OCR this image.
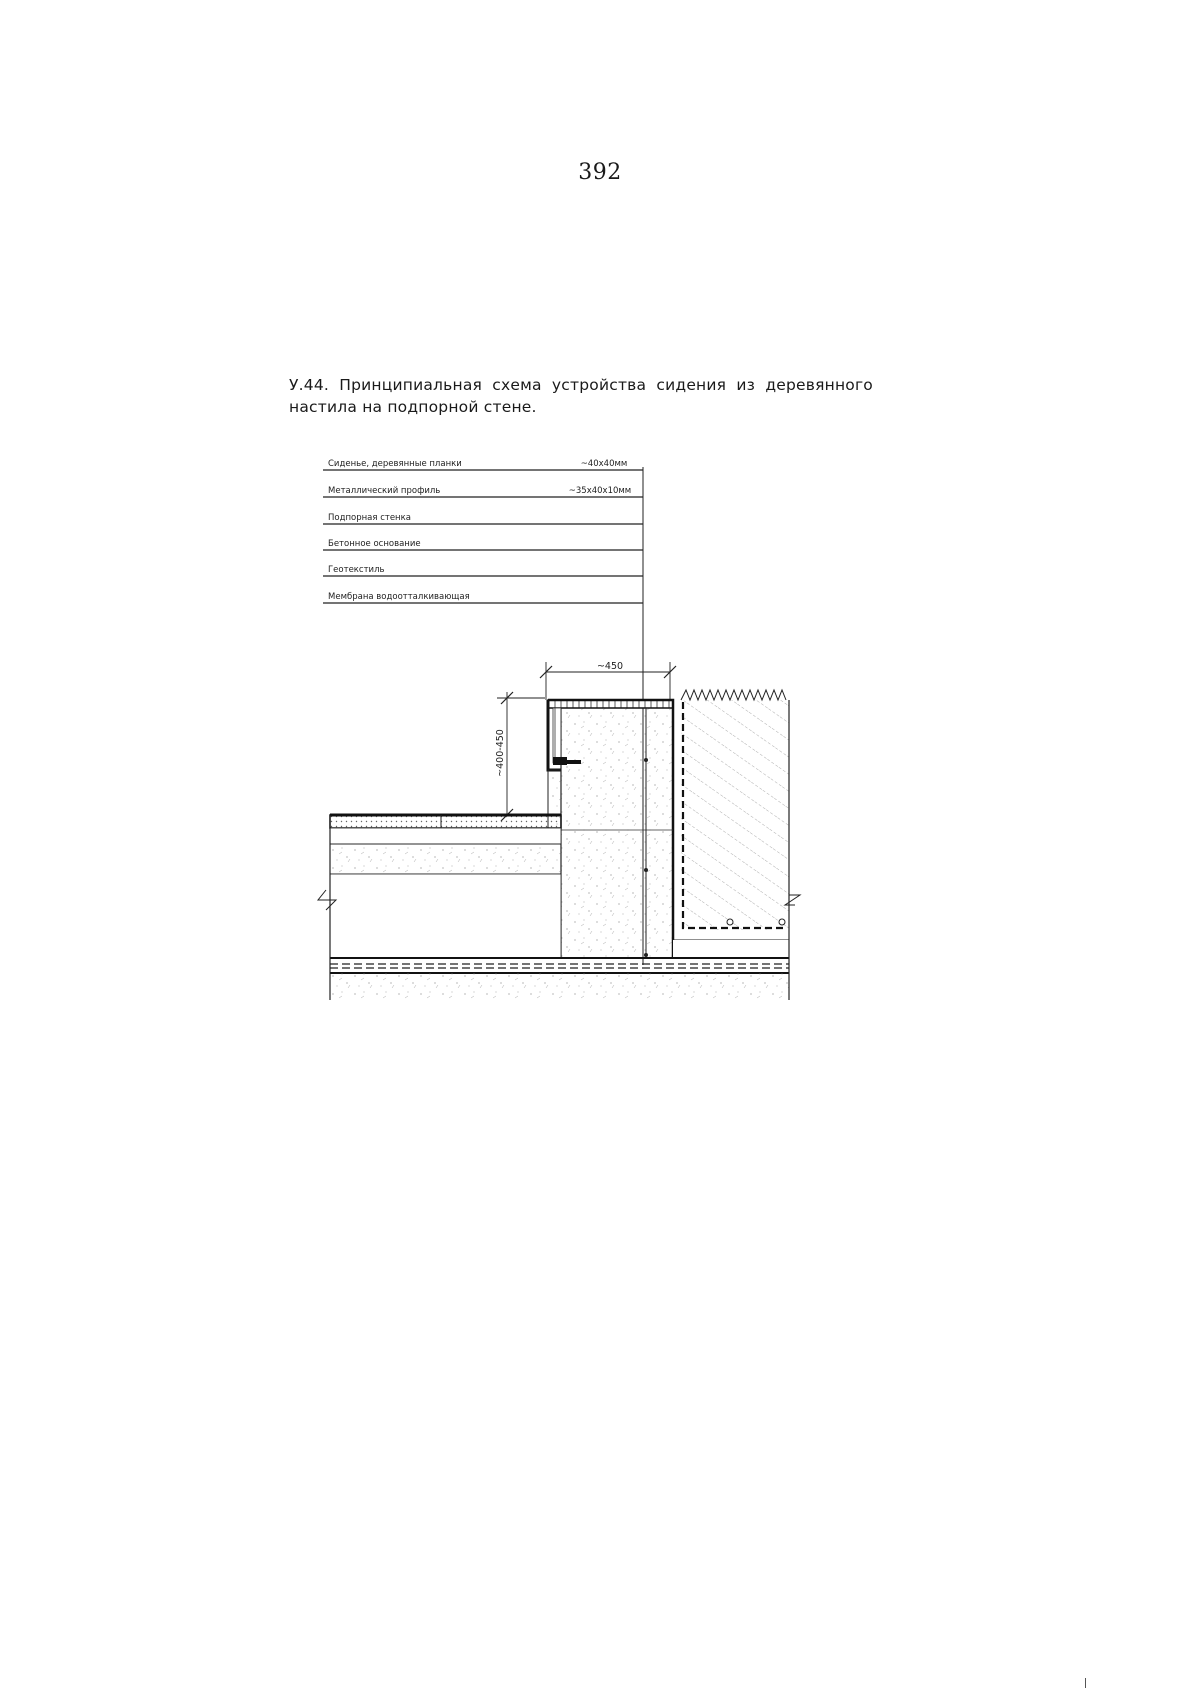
392
У.44. Принципиальная схема устройства сидения из деревянного
настила на подпорной стене.
Сиденье, деревянные планки	~40х40мм
Металлический профиль	~35х40х10мм
Подпорная стенка
Бетонное основание
Геотекстиль
Мембрана водоотталкивающая
~450
~400-450
